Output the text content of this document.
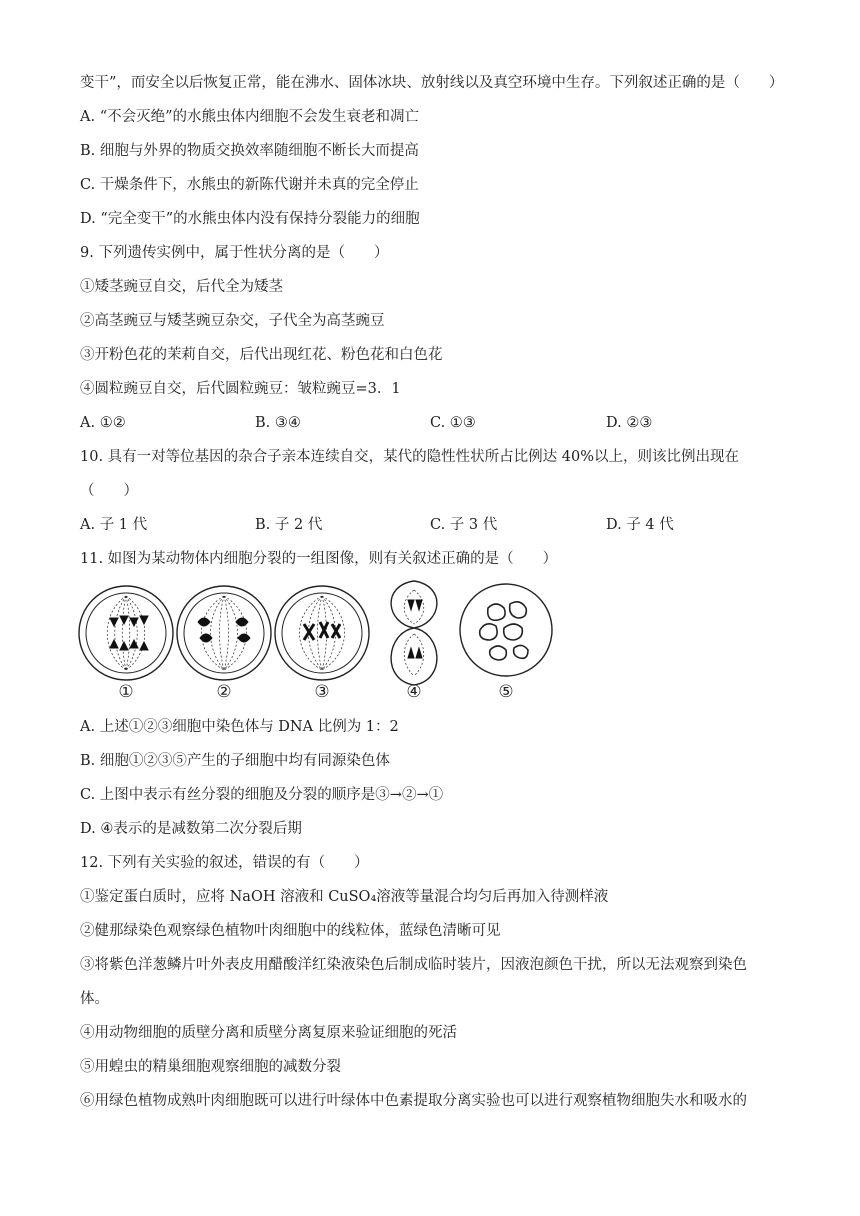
变干”，而安全以后恢复正常，能在沸水、固体冰块、放射线以及真空环境中生存。下列叙述正确的是（　　）
A. “不会灭绝”的水熊虫体内细胞不会发生衰老和凋亡
B. 细胞与外界的物质交换效率随细胞不断长大而提高
C. 干燥条件下，水熊虫的新陈代谢并未真的完全停止
D. “完全变干”的水熊虫体内没有保持分裂能力的细胞
9. 下列遗传实例中，属于性状分离的是（　　）
①矮茎豌豆自交，后代全为矮茎
②高茎豌豆与矮茎豌豆杂交，子代全为高茎豌豆
③开粉色花的茉莉自交，后代出现红花、粉色花和白色花
④圆粒豌豆自交，后代圆粒豌豆：皱粒豌豆=3．1
A. ①②	B. ③④	C. ①③	D. ②③
10. 具有一对等位基因的杂合子亲本连续自交，某代的隐性性状所占比例达 40%以上，则该比例出现在
（　　）
A. 子 1 代	B. 子 2 代	C. 子 3 代	D. 子 4 代
11. 如图为某动物体内细胞分裂的一组图像，则有关叙述正确的是（　　）
①	②	③	④	⑤
A. 上述①②③细胞中染色体与 DNA 比例为 1：2
B. 细胞①②③⑤产生的子细胞中均有同源染色体
C. 上图中表示有丝分裂的细胞及分裂的顺序是③→②→①
D. ④表示的是减数第二次分裂后期
12. 下列有关实验的叙述，错误的有（　　）
①鉴定蛋白质时，应将 NaOH 溶液和 CuSO₄溶液等量混合均匀后再加入待测样液
②健那绿染色观察绿色植物叶肉细胞中的线粒体，蓝绿色清晰可见
③将紫色洋葱鳞片叶外表皮用醋酸洋红染液染色后制成临时装片，因液泡颜色干扰，所以无法观察到染色
体。
④用动物细胞的质壁分离和质壁分离复原来验证细胞的死活
⑤用蝗虫的精巢细胞观察细胞的减数分裂
⑥用绿色植物成熟叶肉细胞既可以进行叶绿体中色素提取分离实验也可以进行观察植物细胞失水和吸水的
